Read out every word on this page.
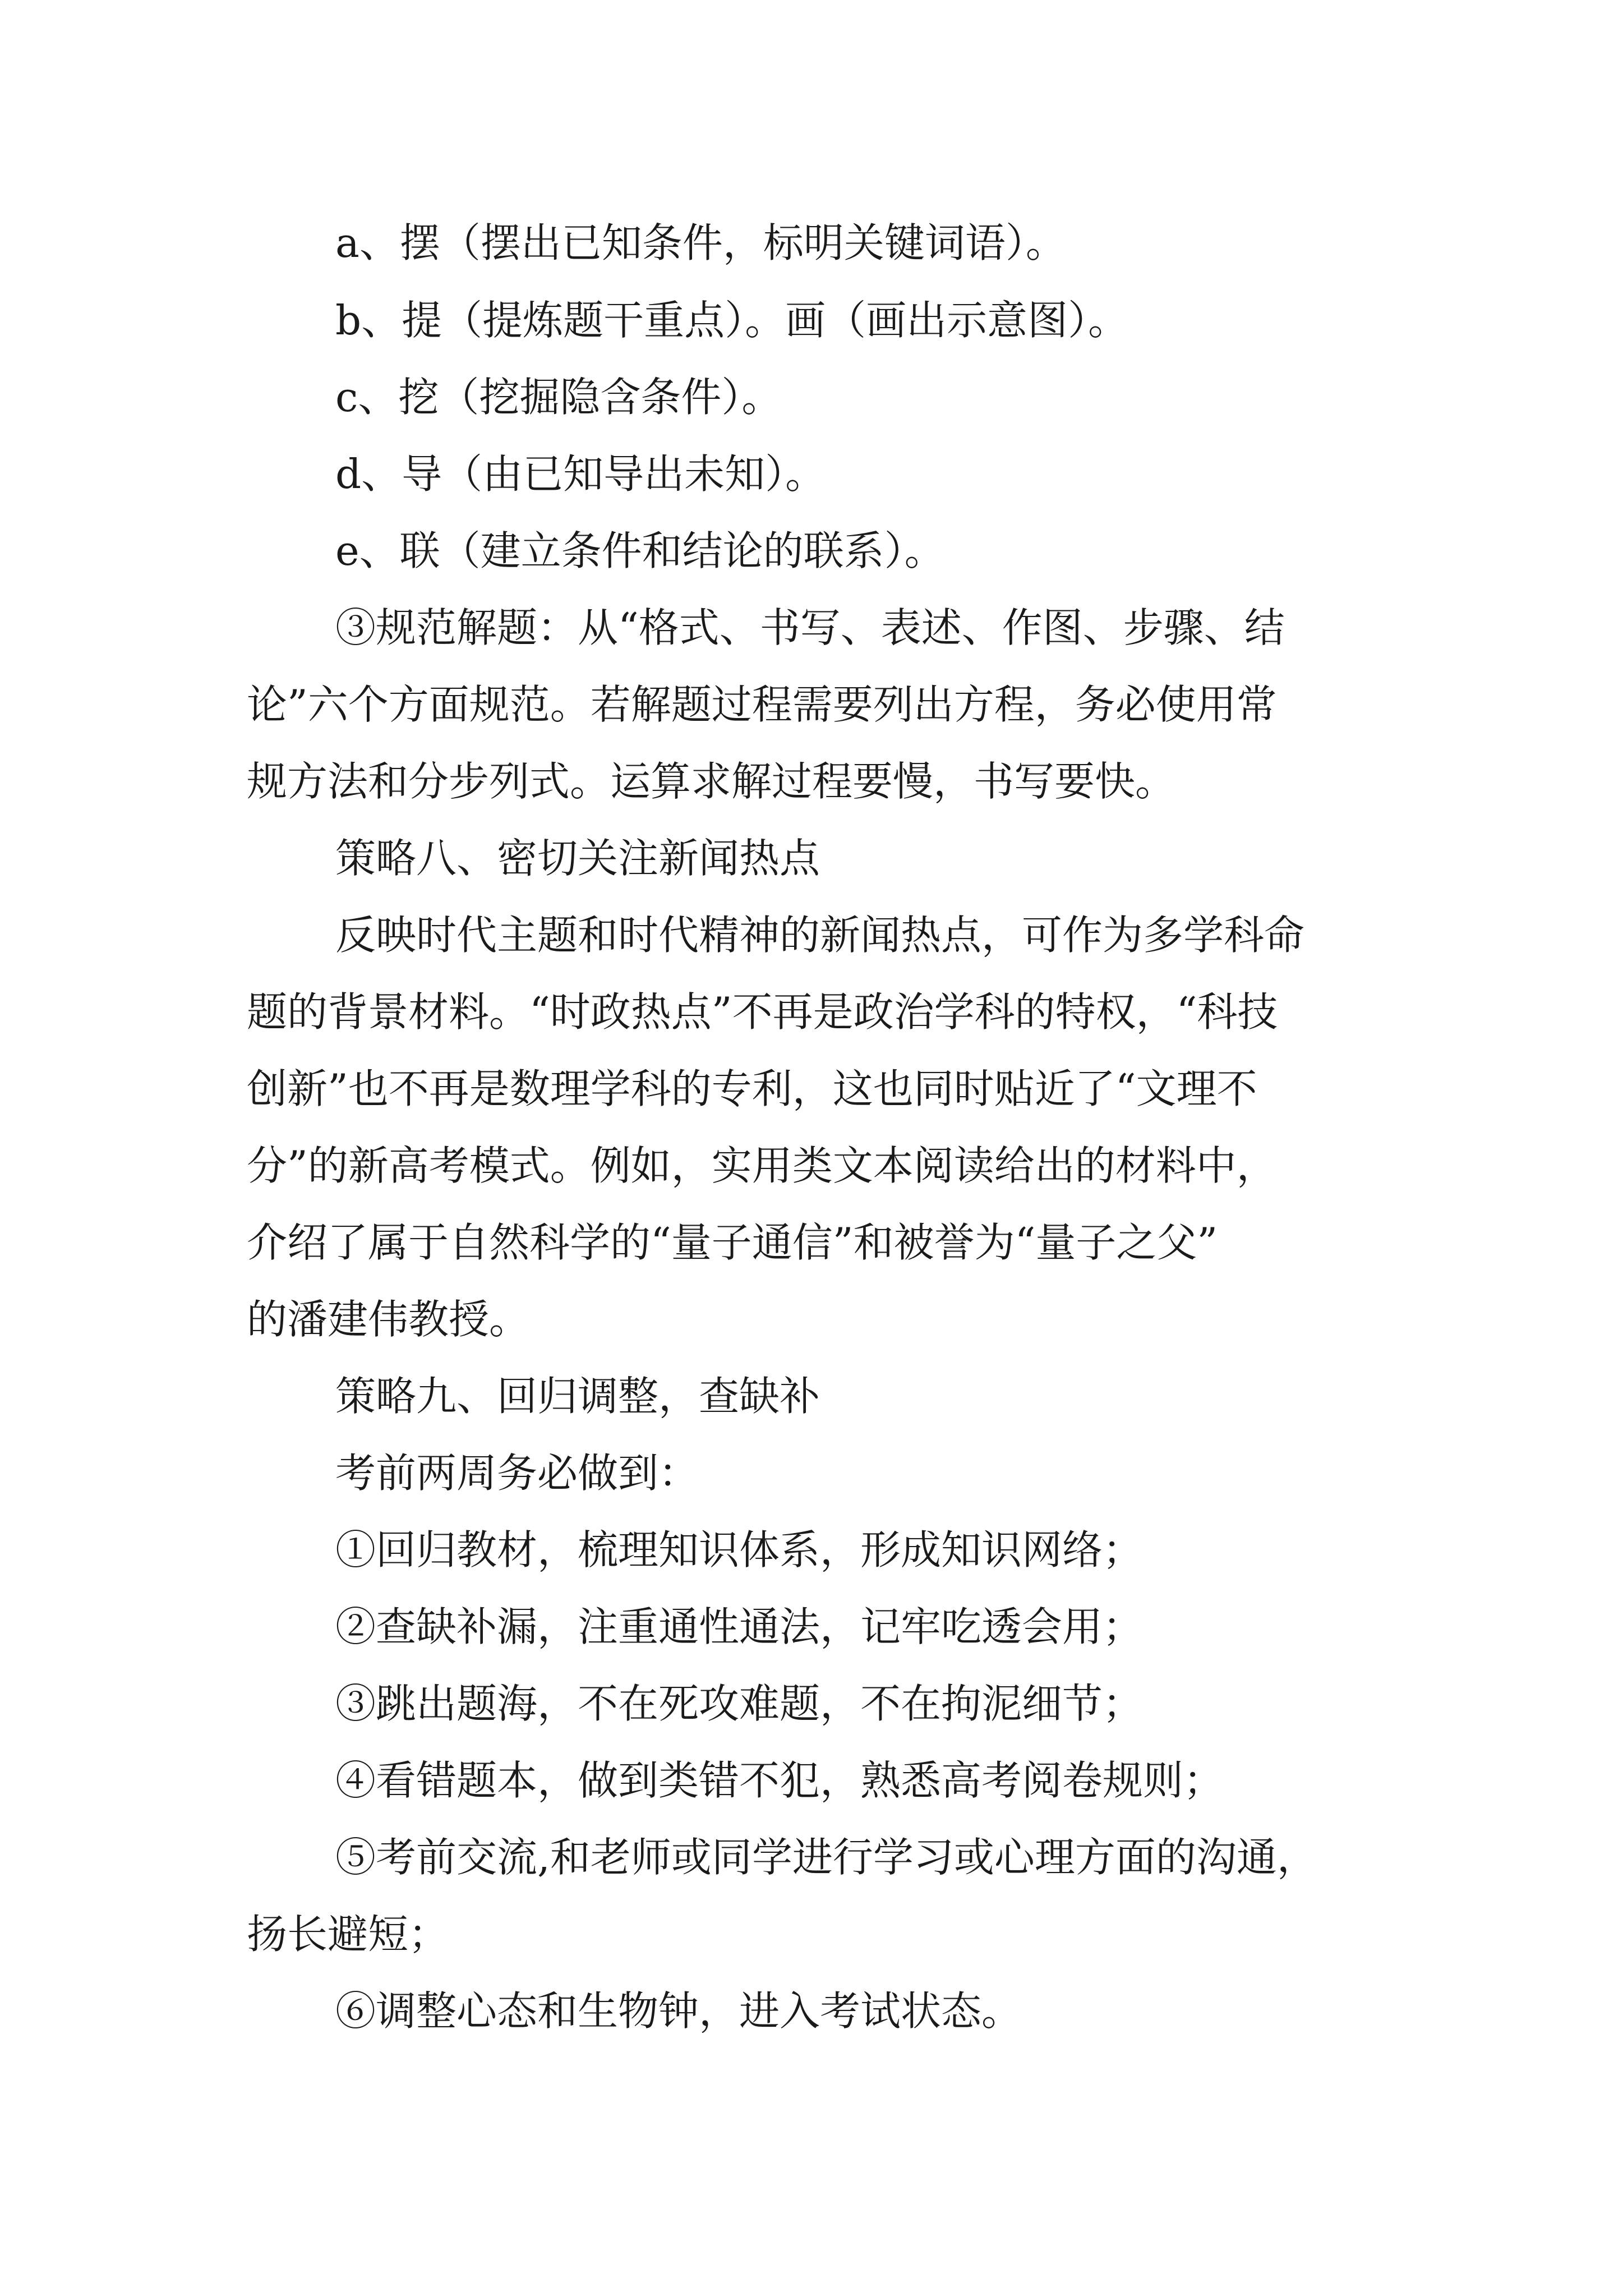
a、摆（摆出已知条件，标明关键词语）。

b、提（提炼题干重点）。画（画出示意图）。

c、挖（挖掘隐含条件）。

d、导（由已知导出未知）。

e、联（建立条件和结论的联系）。

③规范解题：从“格式、书写、表述、作图、步骤、结

论”六个方面规范。若解题过程需要列出方程，务必使用常

规方法和分步列式。运算求解过程要慢，书写要快。

策略八、密切关注新闻热点

反映时代主题和时代精神的新闻热点，可作为多学科命

题的背景材料。“时政热点”不再是政治学科的特权，“科技

创新”也不再是数理学科的专利，这也同时贴近了“文理不

分”的新高考模式。例如，实用类文本阅读给出的材料中，

介绍了属于自然科学的“量子通信”和被誉为“量子之父”

的潘建伟教授。

策略九、回归调整，查缺补

考前两周务必做到：

①回归教材，梳理知识体系，形成知识网络；

②查缺补漏，注重通性通法，记牢吃透会用；

③跳出题海，不在死攻难题，不在拘泥细节；

④看错题本，做到类错不犯，熟悉高考阅卷规则；

⑤考前交流,和老师或同学进行学习或心理方面的沟通，

扬长避短；

⑥调整心态和生物钟，进入考试状态。
